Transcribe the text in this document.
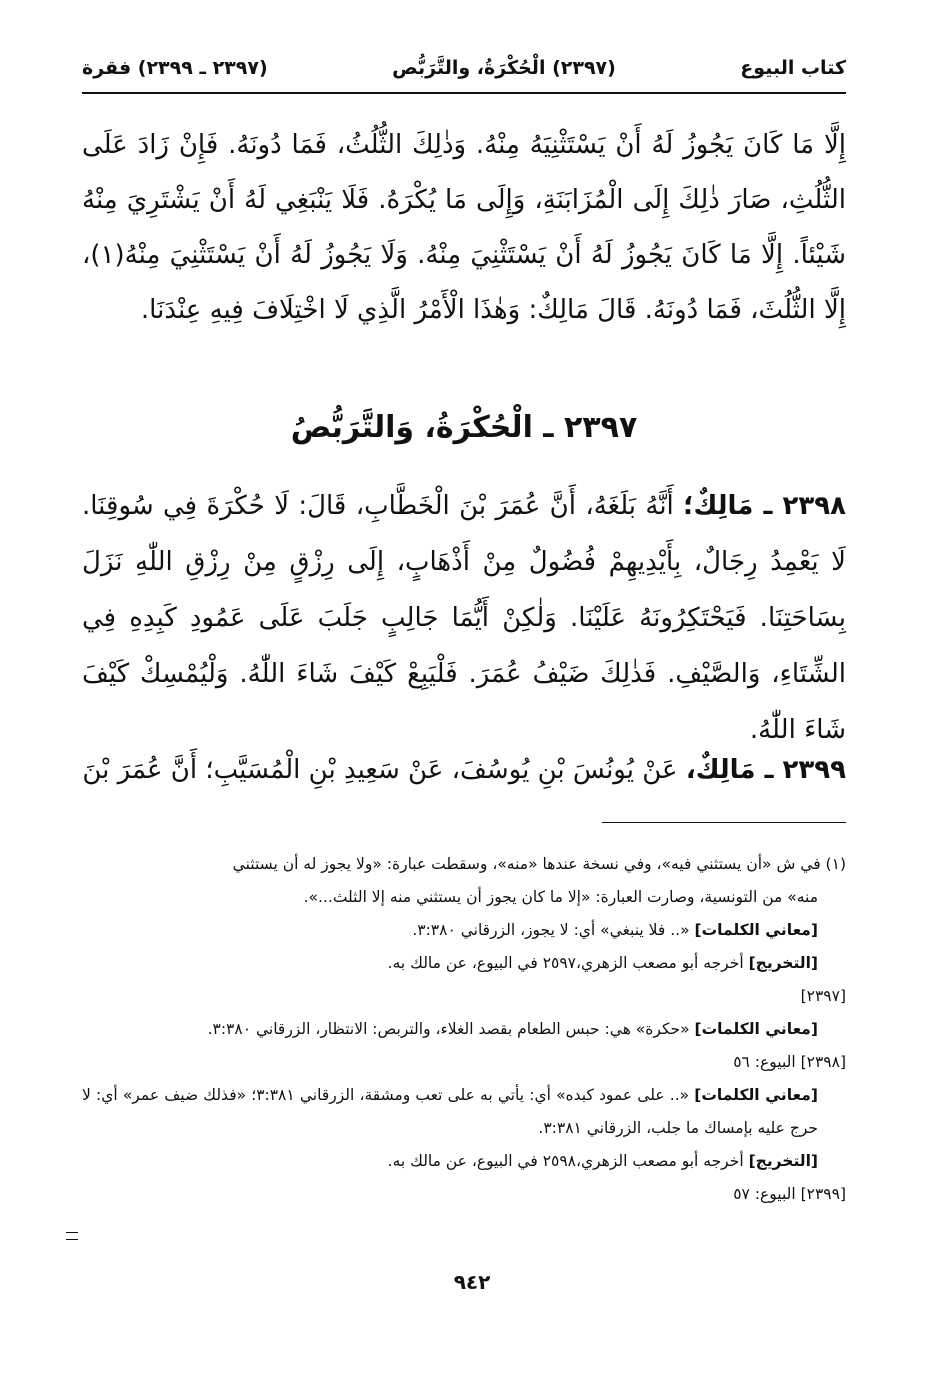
كتاب البيوع
(٢٣٩٧) الْحُكْرَةُ، والتَّرَبُّص
(٢٣٩٧ ـ ٢٣٩٩) فقرة

إِلَّا مَا كَانَ يَجُوزُ لَهُ أَنْ يَسْتَثْنِيَهُ مِنْهُ. وَذٰلِكَ الثُّلُثُ، فَمَا دُونَهُ. فَإِنْ زَادَ عَلَى الثُّلُثِ، صَارَ ذٰلِكَ إِلَى الْمُزَابَنَةِ، وَإِلَى مَا يُكْرَهُ. فَلَا يَنْبَغِي لَهُ أَنْ يَشْتَرِيَ مِنْهُ شَيْئاً. إِلَّا مَا كَانَ يَجُوزُ لَهُ أَنْ يَسْتَثْنِيَ مِنْهُ. وَلَا يَجُوزُ لَهُ أَنْ يَسْتَثْنِيَ مِنْهُ(١)، إِلَّا الثُّلُثَ، فَمَا دُونَهُ. قَالَ مَالِكٌ: وَهٰذَا الْأَمْرُ الَّذِي لَا اخْتِلَافَ فِيهِ عِنْدَنَا.

٢٣٩٧ ـ الْحُكْرَةُ، وَالتَّرَبُّصُ
٢٣٩٨ ـ مَالِكٌ؛ أَنَّهُ بَلَغَهُ، أَنَّ عُمَرَ بْنَ الْخَطَّابِ، قَالَ: لَا حُكْرَةَ فِي سُوقِنَا. لَا يَعْمِدُ رِجَالٌ، بِأَيْدِيهِمْ فُضُولٌ مِنْ أَذْهَابٍ، إِلَى رِزْقٍ مِنْ رِزْقِ اللّٰهِ نَزَلَ بِسَاحَتِنَا. فَيَحْتَكِرُونَهُ عَلَيْنَا. وَلٰكِنْ أَيُّمَا جَالِبٍ جَلَبَ عَلَى عَمُودِ كَبِدِهِ فِي الشِّتَاءِ، وَالصَّيْفِ. فَذٰلِكَ ضَيْفُ عُمَرَ. فَلْيَبِعْ كَيْفَ شَاءَ اللّٰهُ. وَلْيُمْسِكْ كَيْفَ شَاءَ اللّٰهُ.
٢٣٩٩ ـ مَالِكٌ، عَنْ يُونُسَ بْنِ يُوسُفَ، عَنْ سَعِيدِ بْنِ الْمُسَيَّبِ؛ أَنَّ عُمَرَ بْنَ

(١) في ش «أن يستثني فيه»، وفي نسخة عندها «منه»، وسقطت عبارة: «ولا يجوز له أن يستثني

منه» من التونسية، وصارت العبارة: «إلا ما كان يجوز أن يستثني منه إلا الثلث...».

[معاني الكلمات] «.. فلا ينبغي» أي: لا يجوز، الزرقاني ٣:٣٨٠.

[التخريج] أخرجه أبو مصعب الزهري،٢٥٩٧ في البيوع، عن مالك به.

[٢٣٩٧]

[معاني الكلمات] «حكرة» هي: حبس الطعام بقصد الغلاء، والتربص: الانتظار، الزرقاني ٣:٣٨٠.

[٢٣٩٨] البيوع: ٥٦

[معاني الكلمات] «.. على عمود كبده» أي: يأتي به على تعب ومشقة، الزرقاني ٣:٣٨١؛ «فذلك ضيف عمر» أي: لا حرج عليه بإمساك ما جلب، الزرقاني ٣:٣٨١.

[التخريج] أخرجه أبو مصعب الزهري،٢٥٩٨ في البيوع، عن مالك به.

[٢٣٩٩] البيوع: ٥٧

٩٤٢
